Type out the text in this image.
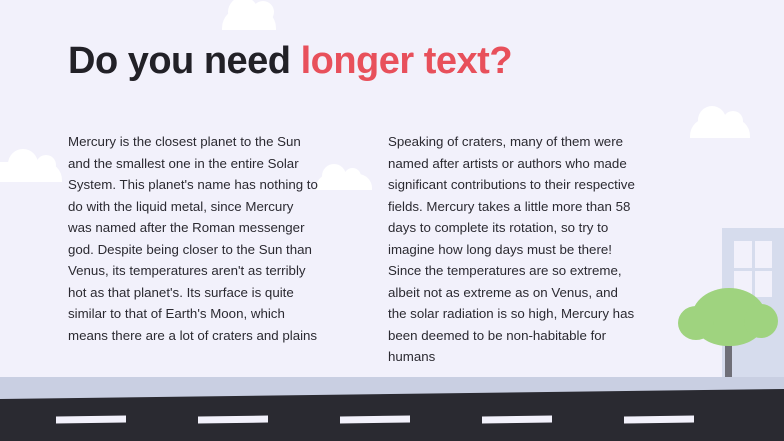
Do you need longer text?
Mercury is the closest planet to the Sun and the smallest one in the entire Solar System. This planet's name has nothing to do with the liquid metal, since Mercury was named after the Roman messenger god. Despite being closer to the Sun than Venus, its temperatures aren't as terribly hot as that planet's. Its surface is quite similar to that of Earth's Moon, which means there are a lot of craters and plains
Speaking of craters, many of them were named after artists or authors who made significant contributions to their respective fields. Mercury takes a little more than 58 days to complete its rotation, so try to imagine how long days must be there! Since the temperatures are so extreme, albeit not as extreme as on Venus, and the solar radiation is so high, Mercury has been deemed to be non-habitable for humans
